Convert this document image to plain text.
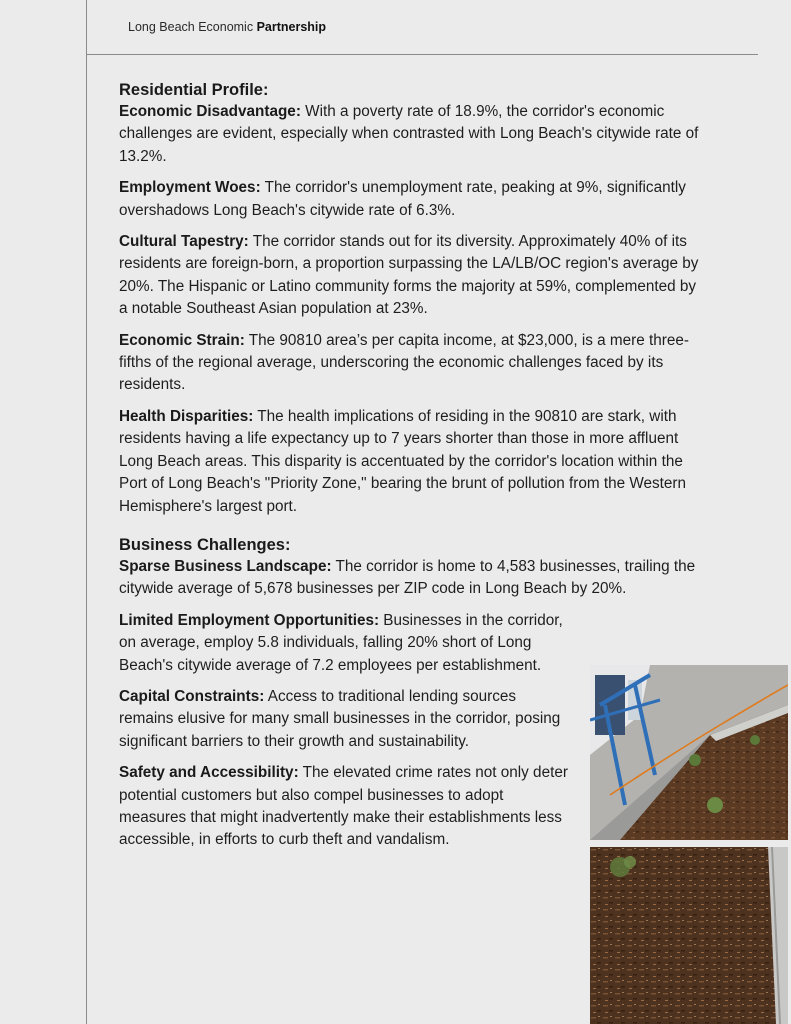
Long Beach Economic Partnership
Residential Profile:

Economic Disadvantage: With a poverty rate of 18.9%, the corridor's economic challenges are evident, especially when contrasted with Long Beach's citywide rate of 13.2%.

Employment Woes: The corridor's unemployment rate, peaking at 9%, significantly overshadows Long Beach's citywide rate of 6.3%.

Cultural Tapestry: The corridor stands out for its diversity. Approximately 40% of its residents are foreign-born, a proportion surpassing the LA/LB/OC region's average by 20%. The Hispanic or Latino community forms the majority at 59%, complemented by a notable Southeast Asian population at 23%.

Economic Strain: The 90810 area’s per capita income, at $23,000, is a mere three-fifths of the regional average, underscoring the economic challenges faced by its residents.

Health Disparities: The health implications of residing in the 90810 are stark, with residents having a life expectancy up to 7 years shorter than those in more affluent Long Beach areas. This disparity is accentuated by the corridor's location within the Port of Long Beach's "Priority Zone," bearing the brunt of pollution from the Western Hemisphere's largest port.

Business Challenges:

Sparse Business Landscape: The corridor is home to 4,583 businesses, trailing the citywide average of 5,678 businesses per ZIP code in Long Beach by 20%.

Limited Employment Opportunities: Businesses in the corridor, on average, employ 5.8 individuals, falling 20% short of Long Beach's citywide average of 7.2 employees per establishment.

Capital Constraints: Access to traditional lending sources remains elusive for many small businesses in the corridor, posing significant barriers to their growth and sustainability.

Safety and Accessibility: The elevated crime rates not only deter potential customers but also compel businesses to adopt measures that might inadvertently make their establishments less accessible, in efforts to curb theft and vandalism.
